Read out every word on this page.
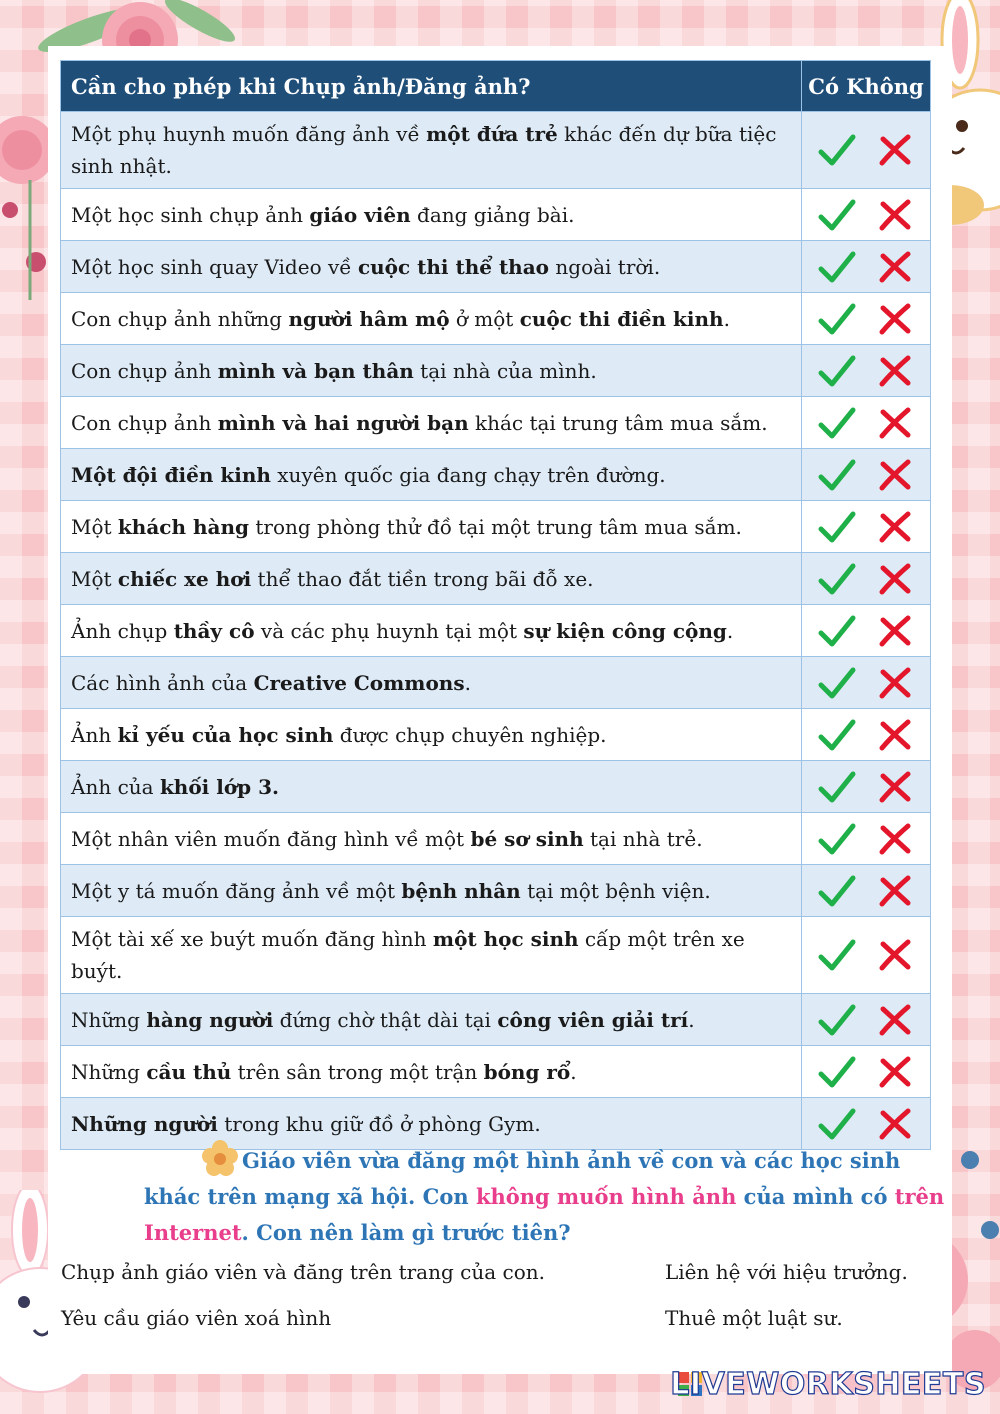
Cần cho phép khi Chụp ảnh/Đăng ảnh?	Có Không
Một phụ huynh muốn đăng ảnh về một đứa trẻ khác đến dự bữa tiệc sinh nhật.	

Một học sinh chụp ảnh giáo viên đang giảng bài.	

Một học sinh quay Video về cuộc thi thể thao ngoài trời.	

Con chụp ảnh những người hâm mộ ở một cuộc thi điền kinh.	

Con chụp ảnh mình và bạn thân tại nhà của mình.	

Con chụp ảnh mình và hai người bạn khác tại trung tâm mua sắm.	

Một đội điền kinh xuyên quốc gia đang chạy trên đường.	

Một khách hàng trong phòng thử đồ tại một trung tâm mua sắm.	

Một chiếc xe hơi thể thao đắt tiền trong bãi đỗ xe.	

Ảnh chụp thầy cô và các phụ huynh tại một sự kiện công cộng.	

Các hình ảnh của Creative Commons.	

Ảnh kỉ yếu của học sinh được chụp chuyên nghiệp.	

Ảnh của khối lớp 3.	

Một nhân viên muốn đăng hình về một bé sơ sinh tại nhà trẻ.	

Một y tá muốn đăng ảnh về một bệnh nhân tại một bệnh viện.	

Một tài xế xe buýt muốn đăng hình một học sinh cấp một trên xe buýt.	

Những hàng người đứng chờ thật dài tại công viên giải trí.	

Những cầu thủ trên sân trong một trận bóng rổ.	

Những người trong khu giữ đồ ở phòng Gym.	
Giáo viên vừa đăng một hình ảnh về con và các học sinh khác trên mạng xã hội. Con không muốn hình ảnh của mình có trên Internet. Con nên làm gì trước tiên?
Chụp ảnh giáo viên và đăng trên trang của con.	Liên hệ với hiệu trưởng.
Yêu cầu giáo viên xoá hình	Thuê một luật sư.
LIVEWORKSHEETS
